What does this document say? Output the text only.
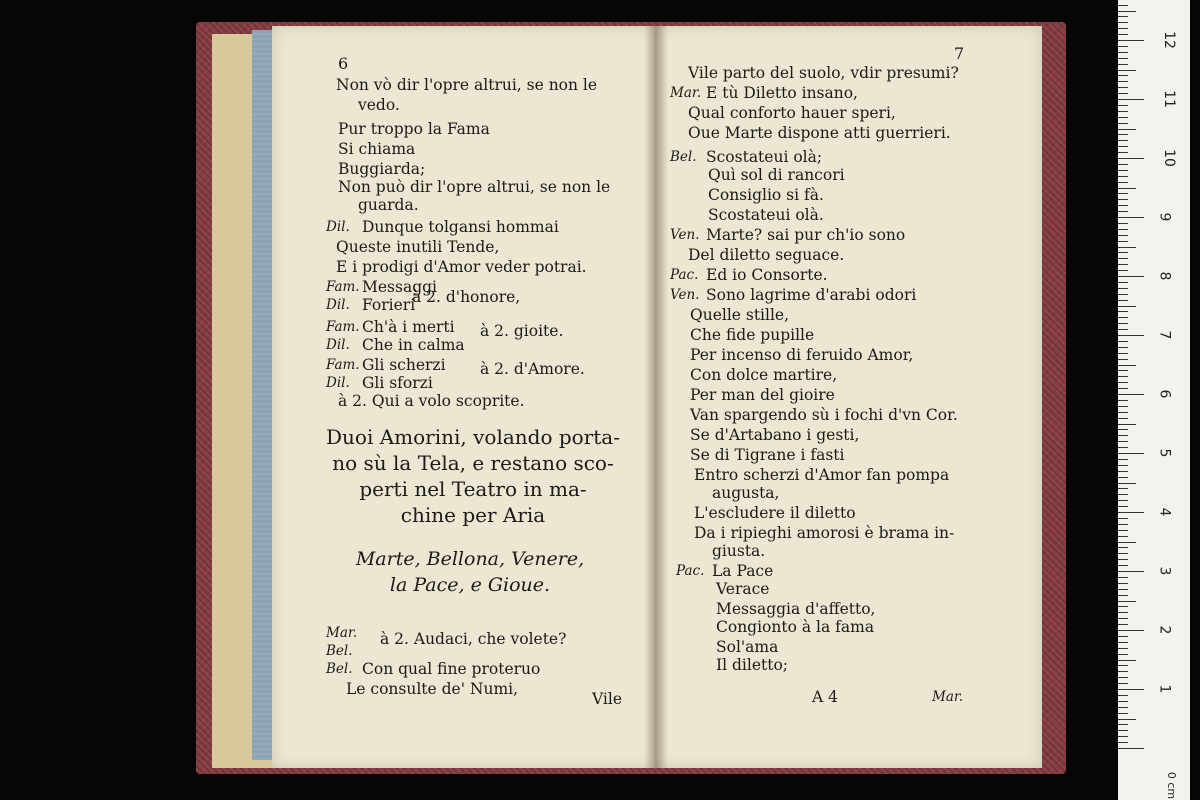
6
Non vò dir l'opre altrui, se non le
vedo.
Pur troppo la Fama
Si chiama
Buggiarda;
Non può dir l'opre altrui, se non le
guarda.
Dil. Dunque tolgansi hommai
Queste inutili Tende,
E i prodigi d'Amor veder potrai.
Fam. Messaggi
Dil. Forieri
Fam. Ch'à i merti
Dil. Che in calma
Fam. Gli scherzi
Dil. Gli sforzi
à 2. Qui a volo scoprite.
à 2. d'honore,
à 2. gioite.
à 2. d'Amore.
Mar.
Bel.
à 2. Audaci, che volete?
Bel. Con qual fine proteruo
Le consulte de' Numi,
Duoi Amorini, volando porta-
no sù la Tela, e restano sco-
perti nel Teatro in ma-
chine per Aria
Marte, Bellona, Venere,
la Pace, e Gioue.
Vile
7
Vile parto del suolo, vdir presumi?
Mar. E tù Diletto insano,
Qual conforto hauer speri,
Oue Marte dispone atti guerrieri.
Bel. Scostateui olà;
Quì sol di rancori
Consiglio si fà.
Scostateui olà.
Ven. Marte? sai pur ch'io sono
Del diletto seguace.
Pac. Ed io Consorte.
Ven. Sono lagrime d'arabi odori
Quelle stille,
Che fide pupille
Per incenso di feruido Amor,
Con dolce martire,
Per man del gioire
Van spargendo sù i fochi d'vn Cor.
Se d'Artabano i gesti,
Se di Tigrane i fasti
Entro scherzi d'Amor fan pompa
augusta,
L'escludere il diletto
Da i ripieghi amorosi è brama in-
giusta.
Pac. La Pace
Verace
Messaggia d'affetto,
Congionto à la fama
Sol'ama
Il diletto;
A 4	Mar.
0 cm
1
2
3
4
5
6
7
8
9
10
11
12
